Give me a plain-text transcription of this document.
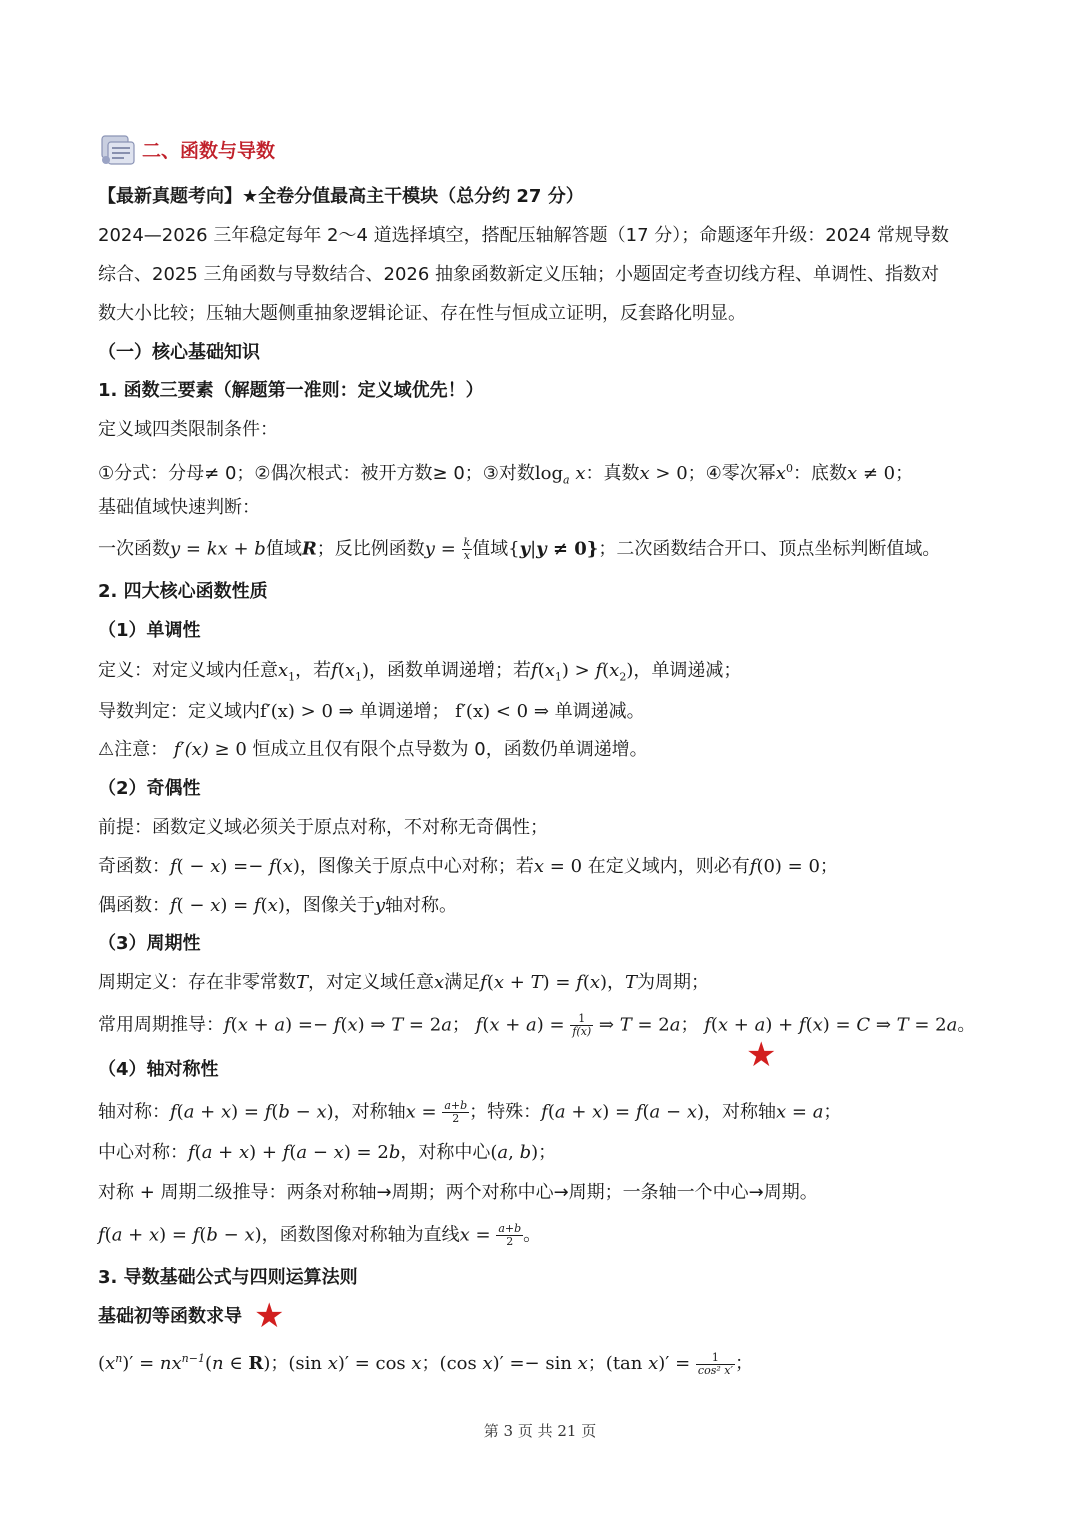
二、函数与导数
【最新真题考向】★全卷分值最高主干模块（总分约 27 分）
2024—2026 三年稳定每年 2～4 道选择填空，搭配压轴解答题（17 分）；命题逐年升级：2024 常规导数
综合、2025 三角函数与导数结合、2026 抽象函数新定义压轴；小题固定考查切线方程、单调性、指数对
数大小比较；压轴大题侧重抽象逻辑论证、存在性与恒成立证明，反套路化明显。
（一）核心基础知识
1. 函数三要素（解题第一准则：定义域优先！）
定义域四类限制条件：
①分式：分母≠ 0；②偶次根式：被开方数≥ 0；③对数$\log_a x$：真数x > 0；④零次幂$x^0$：底数x ≠ 0；
基础值域快速判断：
一次函数y = kx + b值域R；反比例函数$y = \frac{k}{x}$ 值域{y|y ≠ 0}；二次函数结合开口、顶点坐标判断值域。
2. 四大核心函数性质
（1）单调性
定义：对定义域内任意$x_1$，若$f(x_1)$，函数单调递增；若$f(x_1) > f(x_2)$，单调递减；
导数判定：定义域内f′(x) > 0 ⇒ 单调递增； f′(x) < 0 ⇒ 单调递减。
⚠注意： f′(x) ≥ 0 恒成立且仅有限个点导数为 0，函数仍单调递增。
（2）奇偶性
前提：函数定义域必须关于原点对称，不对称无奇偶性；
奇函数：f( − x) =− f(x)，图像关于原点中心对称；若x = 0 在定义域内，则必有f(0) = 0；
偶函数：f( − x) = f(x)，图像关于y轴对称。
（3）周期性
周期定义：存在非零常数T，对定义域任意x满足f(x + T) = f(x)，T为周期；
常用周期推导：f(x + a) =− f(x) ⇒ T = 2a； $f(x + a) = \frac{1}{f(x)}$ ⇒ T = 2a； f(x + a) + f(x) = C ⇒ T = 2a。
★
（4）轴对称性
轴对称：f(a + x) = f(b − x)，对称轴$x = \frac{a+b}{2}$ ；特殊：f(a + x) = f(a − x)，对称轴x = a；
中心对称：f(a + x) + f(a − x) = 2b，对称中心(a, b)；
对称 + 周期二级推导：两条对称轴→周期；两个对称中心→周期；一条轴一个中心→周期。
f(a + x) = f(b − x)，函数图像对称轴为直线$x = \frac{a+b}{2}$ 。
3. 导数基础公式与四则运算法则
基础初等函数求导 ★
$(x^n)' = nx^{n-1}(n$ ∈ R)；(sin x)′ = cos x；(cos x)′ =− sin x；(tan $x)' = \frac{1}{\text{cos² x′}}$ ；
第 3 页 共 21 页
